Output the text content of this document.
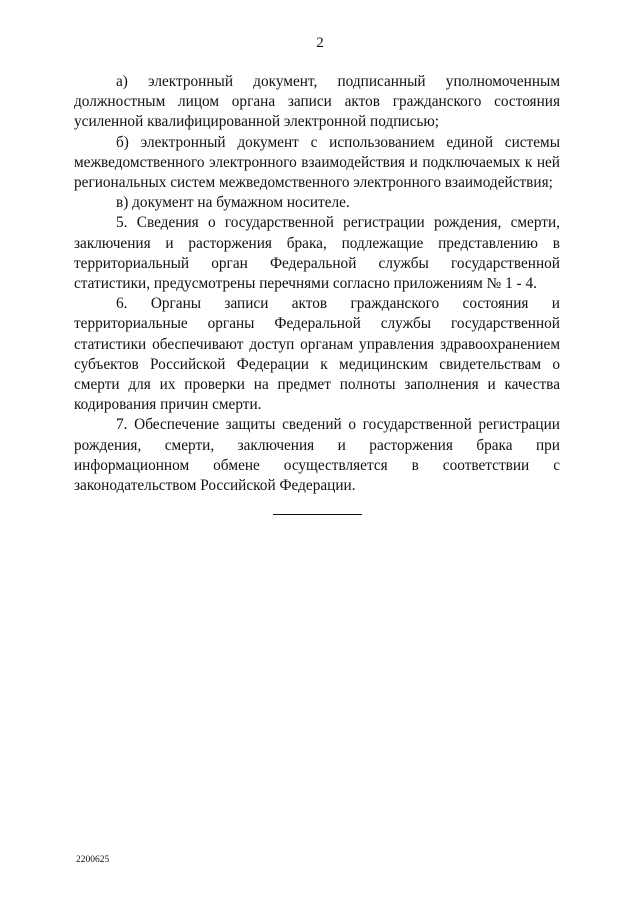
2

а) электронный документ, подписанный уполномоченным должностным лицом органа записи актов гражданского состояния усиленной квалифицированной электронной подписью;

б) электронный документ с использованием единой системы межведомственного электронного взаимодействия и подключаемых к ней региональных систем межведомственного электронного взаимодействия;

в) документ на бумажном носителе.

5. Сведения о государственной регистрации рождения, смерти, заключения и расторжения брака, подлежащие представлению в территориальный орган Федеральной службы государственной статистики, предусмотрены перечнями согласно приложениям № 1 - 4.

6. Органы записи актов гражданского состояния и территориальные органы Федеральной службы государственной статистики обеспечивают доступ органам управления здравоохранением субъектов Российской Федерации к медицинским свидетельствам о смерти для их проверки на предмет полноты заполнения и качества кодирования причин смерти.

7. Обеспечение защиты сведений о государственной регистрации рождения, смерти, заключения и расторжения брака при информационном обмене осуществляется в соответствии с законодательством Российской Федерации.

2200625
